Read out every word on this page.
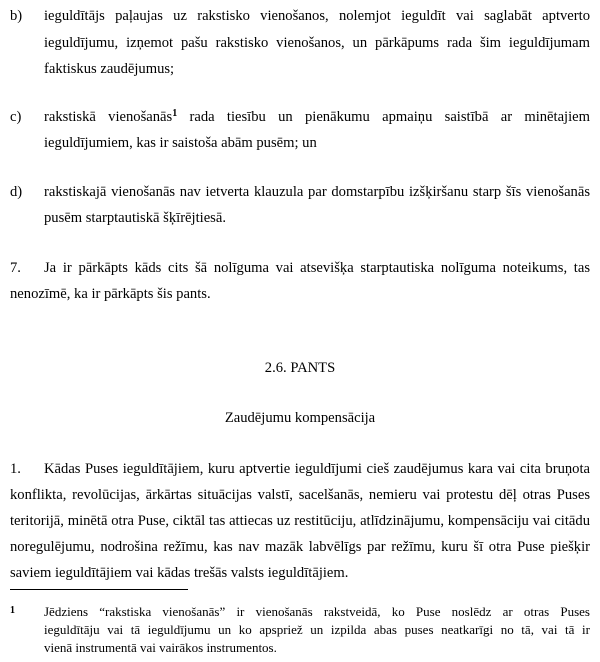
b) ieguldītājs paļaujas uz rakstisko vienošanos, nolemjot ieguldīt vai saglabāt aptverto
ieguldījumu, izņemot pašu rakstisko vienošanos, un pārkāpums rada šim ieguldījumam
faktiskus zaudējumus;
c) rakstiskā vienošanās$^1$ rada tiesību un pienākumu apmaiņu saistībā ar minētajiem
ieguldījumiem, kas ir saistoša abām pusēm; un
d) rakstiskajā vienošanās nav ietverta klauzula par domstarpību izšķiršanu starp šīs vienošanās
pusēm starptautiskā šķīrējtiesā.
7. Ja ir pārkāpts kāds cits šā nolīguma vai atsevišķa starptautiska nolīguma noteikums, tas
nenozīmē, ka ir pārkāpts šis pants.
2.6. PANTS
Zaudējumu kompensācija
1. Kādas Puses ieguldītājiem, kuru aptvertie ieguldījumi cieš zaudējumus kara vai cita bruņota
konflikta, revolūcijas, ārkārtas situācijas valstī, sacelšanās, nemieru vai protestu dēļ otras Puses
teritorijā, minētā otra Puse, ciktāl tas attiecas uz restitūciju, atlīdzinājumu, kompensāciju vai citādu
noregulējumu, nodrošina režīmu, kas nav mazāk labvēlīgs par režīmu, kuru šī otra Puse piešķir
saviem ieguldītājiem vai kādas trešās valsts ieguldītājiem.
1 Jēdziens “rakstiska vienošanās” ir vienošanās rakstveidā, ko Puse noslēdz ar otras Puses
ieguldītāju vai tā ieguldījumu un ko apspriež un izpilda abas puses neatkarīgi no tā, vai tā ir
vienā instrumentā vai vairākos instrumentos.
